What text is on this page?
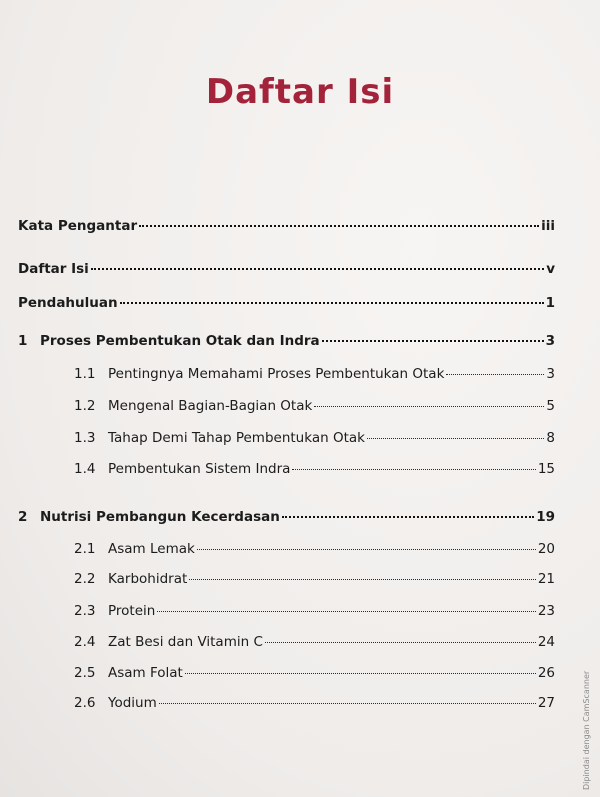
Daftar Isi
Kata Pengantar	iii
Daftar Isi	v
Pendahuluan	1
1 Proses Pembentukan Otak dan Indra	3
1.1 Pentingnya Memahami Proses Pembentukan Otak	3
1.2 Mengenal Bagian-Bagian Otak	5
1.3 Tahap Demi Tahap Pembentukan Otak	8
1.4 Pembentukan Sistem Indra	15
2 Nutrisi Pembangun Kecerdasan	19
2.1 Asam Lemak	20
2.2 Karbohidrat	21
2.3 Protein	23
2.4 Zat Besi dan Vitamin C	24
2.5 Asam Folat	26
2.6 Yodium	27	Dipindai dengan CamScanner
